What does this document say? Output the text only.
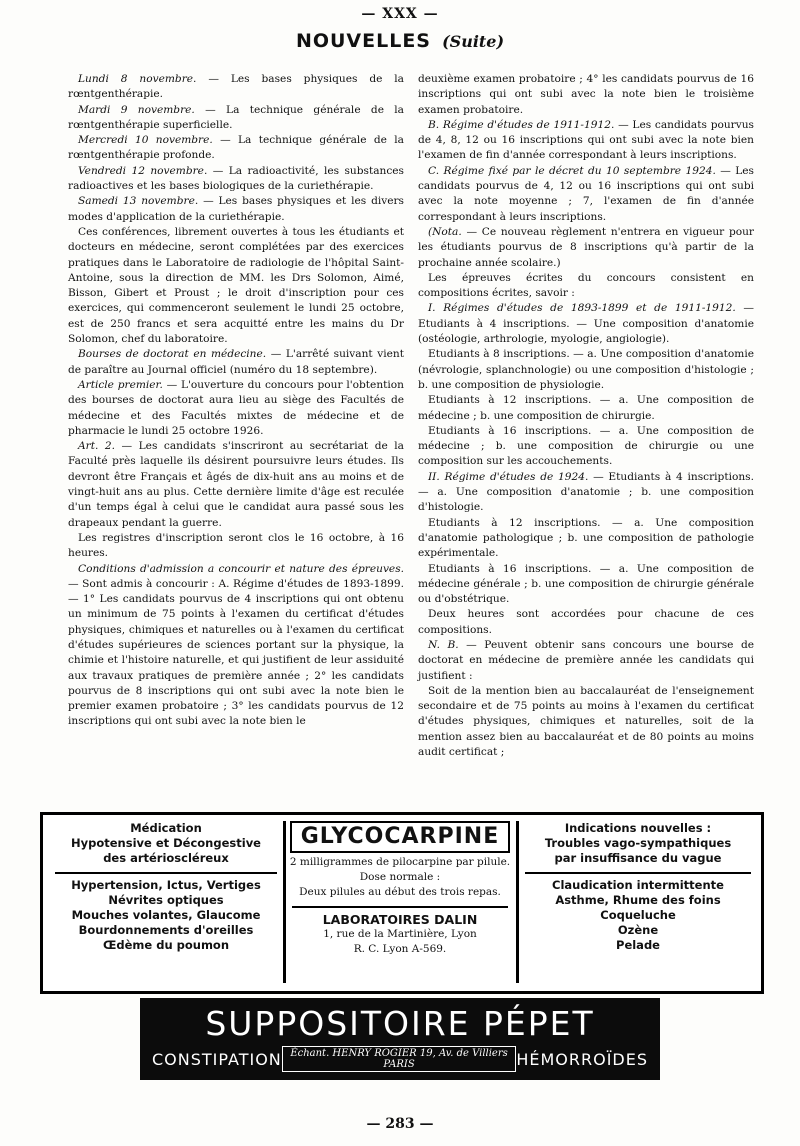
— XXX —
NOUVELLES (Suite)

Lundi 8 novembre. — Les bases physiques de la rœntgenthérapie.

Mardi 9 novembre. — La technique générale de la rœntgenthérapie superficielle.

Mercredi 10 novembre. — La technique générale de la rœntgenthérapie profonde.

Vendredi 12 novembre. — La radioactivité, les substances radioactives et les bases biologiques de la curiethérapie.

Samedi 13 novembre. — Les bases physiques et les divers modes d'application de la curiethérapie.

Ces conférences, librement ouvertes à tous les étudiants et docteurs en médecine, seront complétées par des exercices pratiques dans le Laboratoire de radiologie de l'hôpital Saint-Antoine, sous la direction de MM. les Drs Solomon, Aimé, Bisson, Gibert et Proust ; le droit d'inscription pour ces exercices, qui commenceront seulement le lundi 25 octobre, est de 250 francs et sera acquitté entre les mains du Dr Solomon, chef du laboratoire.

Bourses de doctorat en médecine. — L'arrêté suivant vient de paraître au Journal officiel (numéro du 18 septembre).

Article premier. — L'ouverture du concours pour l'obtention des bourses de doctorat aura lieu au siège des Facultés de médecine et des Facultés mixtes de médecine et de pharmacie le lundi 25 octobre 1926.

Art. 2. — Les candidats s'inscriront au secrétariat de la Faculté près laquelle ils désirent poursuivre leurs études. Ils devront être Français et âgés de dix-huit ans au moins et de vingt-huit ans au plus. Cette dernière limite d'âge est reculée d'un temps égal à celui que le candidat aura passé sous les drapeaux pendant la guerre.

Les registres d'inscription seront clos le 16 octobre, à 16 heures.

Conditions d'admission a concourir et nature des épreuves. — Sont admis à concourir : A. Régime d'études de 1893-1899. — 1° Les candidats pourvus de 4 inscriptions qui ont obtenu un minimum de 75 points à l'examen du certificat d'études physiques, chimiques et naturelles ou à l'examen du certificat d'études supérieures de sciences portant sur la physique, la chimie et l'histoire naturelle, et qui justifient de leur assiduité aux travaux pratiques de première année ; 2° les candidats pourvus de 8 inscriptions qui ont subi avec la note bien le premier examen probatoire ; 3° les candidats pourvus de 12 inscriptions qui ont subi avec la note bien le

deuxième examen probatoire ; 4° les candidats pourvus de 16 inscriptions qui ont subi avec la note bien le troisième examen probatoire.

B. Régime d'études de 1911-1912. — Les candidats pourvus de 4, 8, 12 ou 16 inscriptions qui ont subi avec la note bien l'examen de fin d'année correspondant à leurs inscriptions.

C. Régime fixé par le décret du 10 septembre 1924. — Les candidats pourvus de 4, 12 ou 16 inscriptions qui ont subi avec la note moyenne ; 7, l'examen de fin d'année correspondant à leurs inscriptions.

(Nota. — Ce nouveau règlement n'entrera en vigueur pour les étudiants pourvus de 8 inscriptions qu'à partir de la prochaine année scolaire.)

Les épreuves écrites du concours consistent en compositions écrites, savoir :

I. Régimes d'études de 1893-1899 et de 1911-1912. — Etudiants à 4 inscriptions. — Une composition d'anatomie (ostéologie, arthrologie, myologie, angiologie).

Etudiants à 8 inscriptions. — a. Une composition d'anatomie (névrologie, splanchnologie) ou une composition d'histologie ; b. une composition de physiologie.

Etudiants à 12 inscriptions. — a. Une composition de médecine ; b. une composition de chirurgie.

Etudiants à 16 inscriptions. — a. Une composition de médecine ; b. une composition de chirurgie ou une composition sur les accouchements.

II. Régime d'études de 1924. — Etudiants à 4 inscriptions. — a. Une composition d'anatomie ; b. une composition d'histologie.

Etudiants à 12 inscriptions. — a. Une composition d'anatomie pathologique ; b. une composition de pathologie expérimentale.

Etudiants à 16 inscriptions. — a. Une composition de médecine générale ; b. une composition de chirurgie générale ou d'obstétrique.

Deux heures sont accordées pour chacune de ces compositions.

N. B. — Peuvent obtenir sans concours une bourse de doctorat en médecine de première année les candidats qui justifient :

Soit de la mention bien au baccalauréat de l'enseignement secondaire et de 75 points au moins à l'examen du certificat d'études physiques, chimiques et naturelles, soit de la mention assez bien au baccalauréat et de 80 points au moins audit certificat ;

Médication
Hypotensive et Décongestive
des artérioscléreux
Hypertension, Ictus, Vertiges
Névrites optiques
Mouches volantes, Glaucome
Bourdonnements d'oreilles
Œdème du poumon
GLYCOCARPINE
2 milligrammes de pilocarpine par pilule.
Dose normale :
Deux pilules au début des trois repas.
LABORATOIRES DALIN
1, rue de la Martinière, Lyon
R. C. Lyon A-569.
Indications nouvelles :
Troubles vago-sympathiques
par insuffisance du vague
Claudication intermittente
Asthme, Rhume des foins
Coqueluche
Ozène
Pelade
SUPPOSITOIRE PÉPET
CONSTIPATION Échant. HENRY ROGIER 19, Av. de Villiers PARIS	HÉMORROÏDES
— 283 —
